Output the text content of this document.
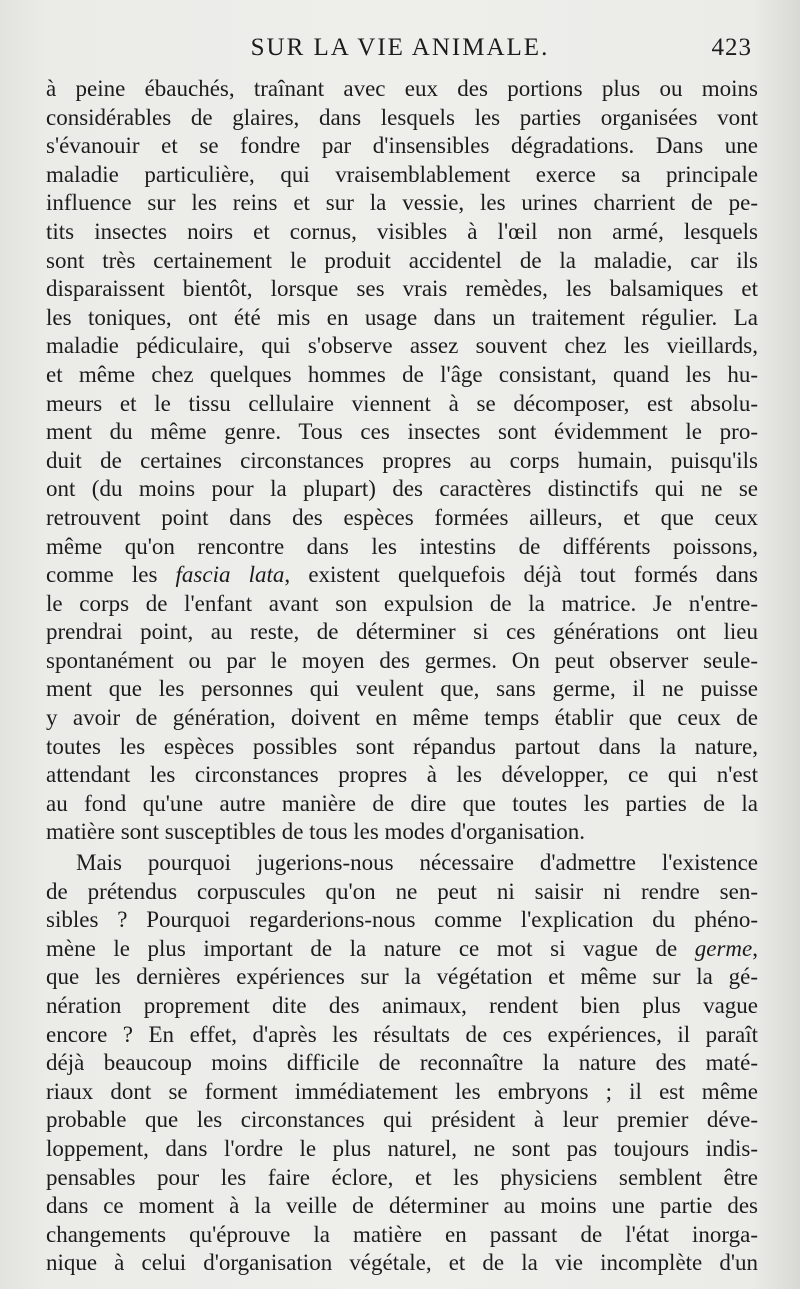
SUR LA VIE ANIMALE.	423
à peine ébauchés, traînant avec eux des portions plus ou moins
considérables de glaires, dans lesquels les parties organisées vont
s'évanouir et se fondre par d'insensibles dégradations. Dans une
maladie particulière, qui vraisemblablement exerce sa principale
influence sur les reins et sur la vessie, les urines charrient de pe-
tits insectes noirs et cornus, visibles à l'œil non armé, lesquels
sont très certainement le produit accidentel de la maladie, car ils
disparaissent bientôt, lorsque ses vrais remèdes, les balsamiques et
les toniques, ont été mis en usage dans un traitement régulier. La
maladie pédiculaire, qui s'observe assez souvent chez les vieillards,
et même chez quelques hommes de l'âge consistant, quand les hu-
meurs et le tissu cellulaire viennent à se décomposer, est absolu-
ment du même genre. Tous ces insectes sont évidemment le pro-
duit de certaines circonstances propres au corps humain, puisqu'ils
ont (du moins pour la plupart) des caractères distinctifs qui ne se
retrouvent point dans des espèces formées ailleurs, et que ceux
même qu'on rencontre dans les intestins de différents poissons,
comme les fascia lata, existent quelquefois déjà tout formés dans
le corps de l'enfant avant son expulsion de la matrice. Je n'entre-
prendrai point, au reste, de déterminer si ces générations ont lieu
spontanément ou par le moyen des germes. On peut observer seule-
ment que les personnes qui veulent que, sans germe, il ne puisse
y avoir de génération, doivent en même temps établir que ceux de
toutes les espèces possibles sont répandus partout dans la nature,
attendant les circonstances propres à les développer, ce qui n'est
au fond qu'une autre manière de dire que toutes les parties de la
matière sont susceptibles de tous les modes d'organisation.
Mais pourquoi jugerions-nous nécessaire d'admettre l'existence
de prétendus corpuscules qu'on ne peut ni saisir ni rendre sen-
sibles ? Pourquoi regarderions-nous comme l'explication du phéno-
mène le plus important de la nature ce mot si vague de germe,
que les dernières expériences sur la végétation et même sur la gé-
nération proprement dite des animaux, rendent bien plus vague
encore ? En effet, d'après les résultats de ces expériences, il paraît
déjà beaucoup moins difficile de reconnaître la nature des maté-
riaux dont se forment immédiatement les embryons ; il est même
probable que les circonstances qui président à leur premier déve-
loppement, dans l'ordre le plus naturel, ne sont pas toujours indis-
pensables pour les faire éclore, et les physiciens semblent être
dans ce moment à la veille de déterminer au moins une partie des
changements qu'éprouve la matière en passant de l'état inorga-
nique à celui d'organisation végétale, et de la vie incomplète d'un
